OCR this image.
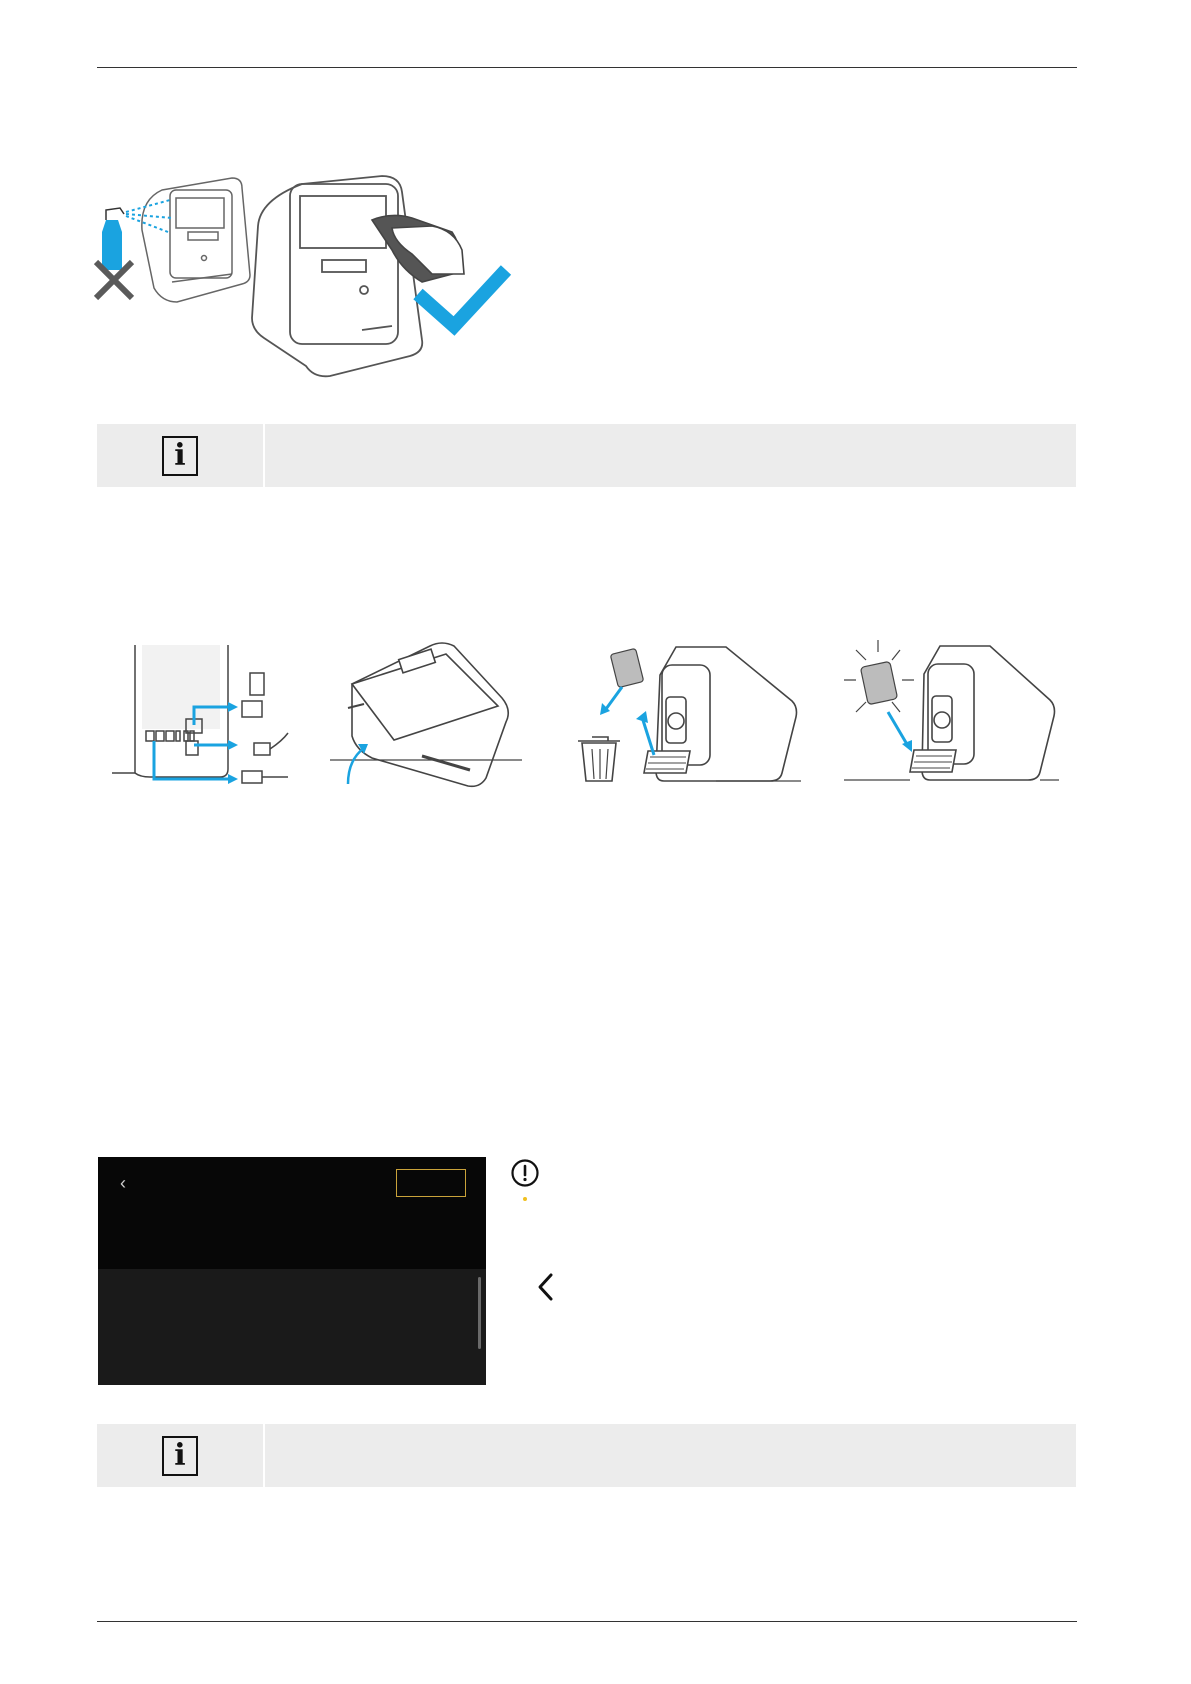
i
‹
i
